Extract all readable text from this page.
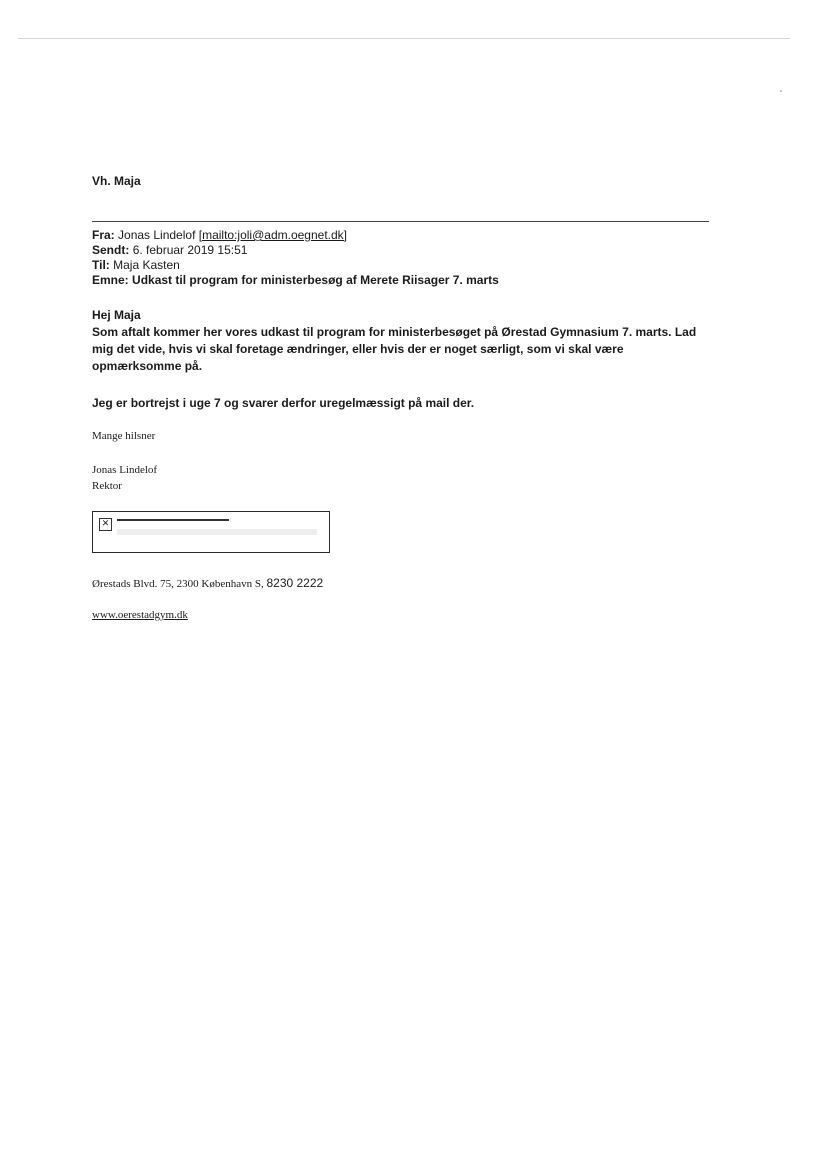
Vh. Maja
Fra: Jonas Lindelof [mailto:joli@adm.oegnet.dk]
Sendt: 6. februar 2019 15:51
Til: Maja Kasten
Emne: Udkast til program for ministerbesøg af Merete Riisager 7. marts

Hej Maja

Som aftalt kommer her vores udkast til program for ministerbesøget på Ørestad Gymnasium 7. marts. Lad

mig det vide, hvis vi skal foretage ændringer, eller hvis der er noget særligt, som vi skal være

opmærksomme på.

Jeg er bortrejst i uge 7 og svarer derfor uregelmæssigt på mail der.
Mange hilsner
Jonas Lindelof
Rektor
✕
Ørestads Blvd. 75, 2300 København S, 8230 2222
www.oerestadgym.dk
